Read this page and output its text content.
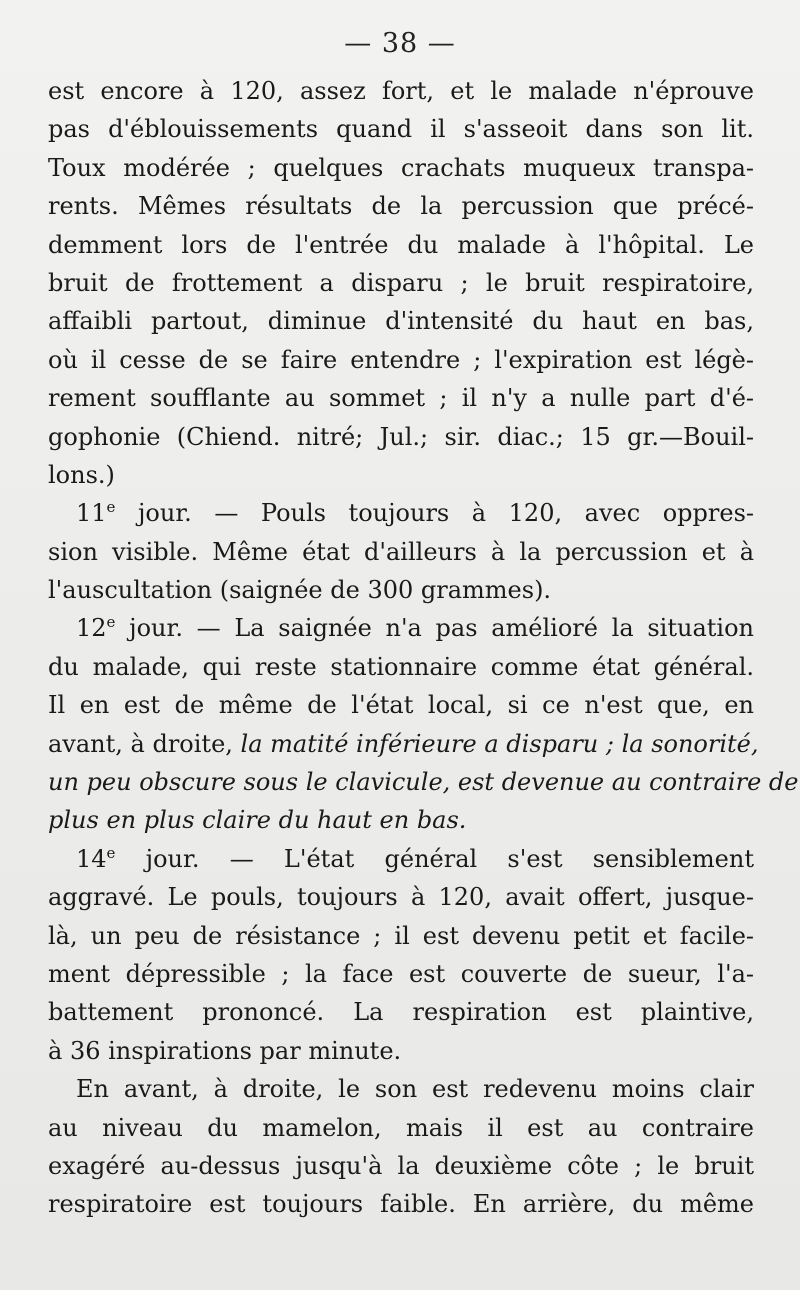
— 38 —
est encore à 120, assez fort, et le malade n'éprouve
pas d'éblouissements quand il s'asseoit dans son lit.
Toux modérée ; quelques crachats muqueux transpa-
rents. Mêmes résultats de la percussion que précé-
demment lors de l'entrée du malade à l'hôpital. Le
bruit de frottement a disparu ; le bruit respiratoire,
affaibli partout, diminue d'intensité du haut en bas,
où il cesse de se faire entendre ; l'expiration est légè-
rement soufflante au sommet ; il n'y a nulle part d'é-
gophonie (Chiend. nitré; Jul.; sir. diac.; 15 gr.—Bouil-
lons.)
11e jour. — Pouls toujours à 120, avec oppres-
sion visible. Même état d'ailleurs à la percussion et à
l'auscultation (saignée de 300 grammes).
12e jour. — La saignée n'a pas amélioré la situation
du malade, qui reste stationnaire comme état général.
Il en est de même de l'état local, si ce n'est que, en
avant, à droite, la matité inférieure a disparu ; la sonorité,
un peu obscure sous le clavicule, est devenue au contraire de
plus en plus claire du haut en bas.
14e jour. — L'état général s'est sensiblement
aggravé. Le pouls, toujours à 120, avait offert, jusque-
là, un peu de résistance ; il est devenu petit et facile-
ment dépressible ; la face est couverte de sueur, l'a-
battement prononcé. La respiration est plaintive,
à 36 inspirations par minute.
En avant, à droite, le son est redevenu moins clair
au niveau du mamelon, mais il est au contraire
exagéré au-dessus jusqu'à la deuxième côte ; le bruit
respiratoire est toujours faible. En arrière, du même
